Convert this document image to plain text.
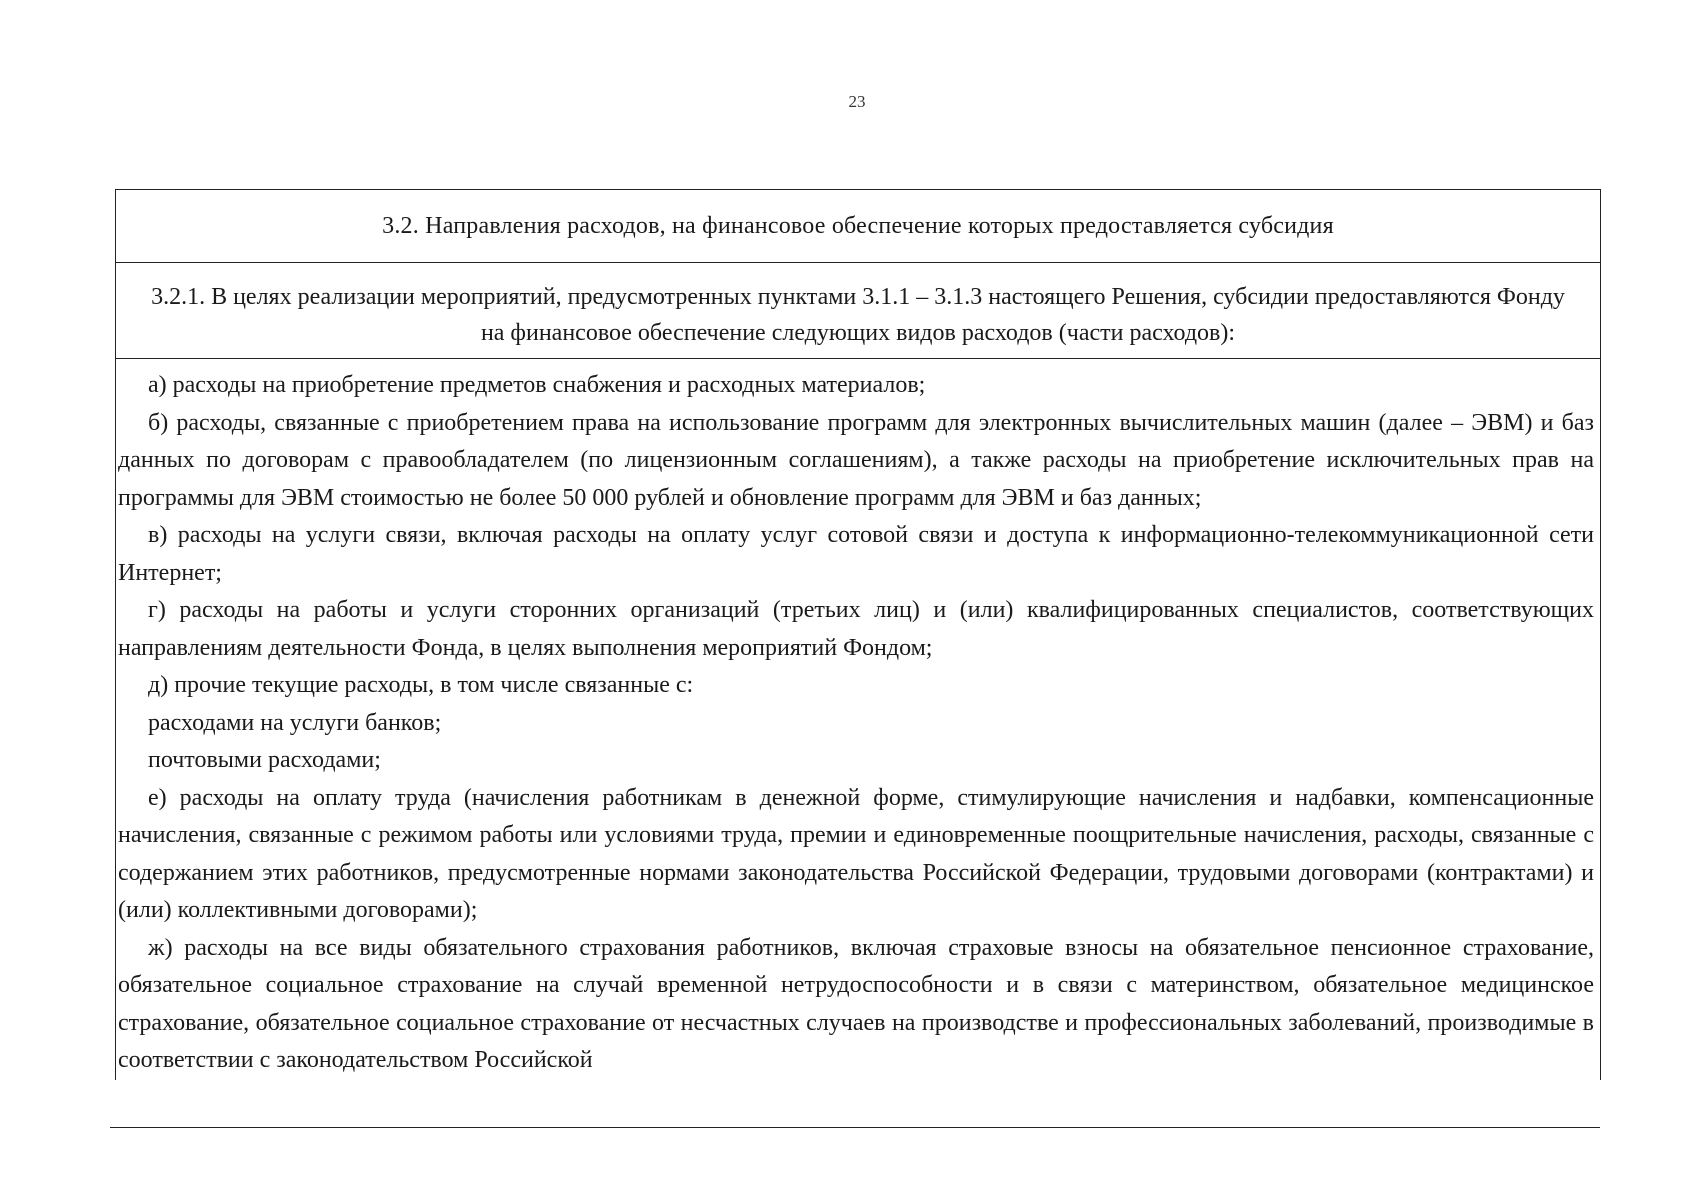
23
3.2. Направления расходов, на финансовое обеспечение которых предоставляется субсидия
3.2.1. В целях реализации мероприятий, предусмотренных пунктами 3.1.1 – 3.1.3 настоящего Решения, субсидии предоставляются Фонду на финансовое обеспечение следующих видов расходов (части расходов):

а) расходы на приобретение предметов снабжения и расходных материалов;

б) расходы, связанные с приобретением права на использование программ для электронных вычислительных машин (далее – ЭВМ) и баз данных по договорам с правообладателем (по лицензионным соглашениям), а также расходы на приобретение исключительных прав на программы для ЭВМ стоимостью не более 50 000 рублей и обновление программ для ЭВМ и баз данных;

в) расходы на услуги связи, включая расходы на оплату услуг сотовой связи и доступа к информационно-телекоммуникационной сети Интернет;

г) расходы на работы и услуги сторонних организаций (третьих лиц) и (или) квалифицированных специалистов, соответствующих направлениям деятельности Фонда, в целях выполнения мероприятий Фондом;

д) прочие текущие расходы, в том числе связанные с:

расходами на услуги банков;

почтовыми расходами;

е) расходы на оплату труда (начисления работникам в денежной форме, стимулирующие начисления и надбавки, компенсационные начисления, связанные с режимом работы или условиями труда, премии и единовременные поощрительные начисления, расходы, связанные с содержанием этих работников, предусмотренные нормами законодательства Российской Федерации, трудовыми договорами (контрактами) и (или) коллективными договорами);

ж) расходы на все виды обязательного страхования работников, включая страховые взносы на обязательное пенсионное страхование, обязательное социальное страхование на случай временной нетрудоспособности и в связи с материнством, обязательное медицинское страхование, обязательное социальное страхование от несчастных случаев на производстве и профессиональных заболеваний, производимые в соответствии с законодательством Российской
